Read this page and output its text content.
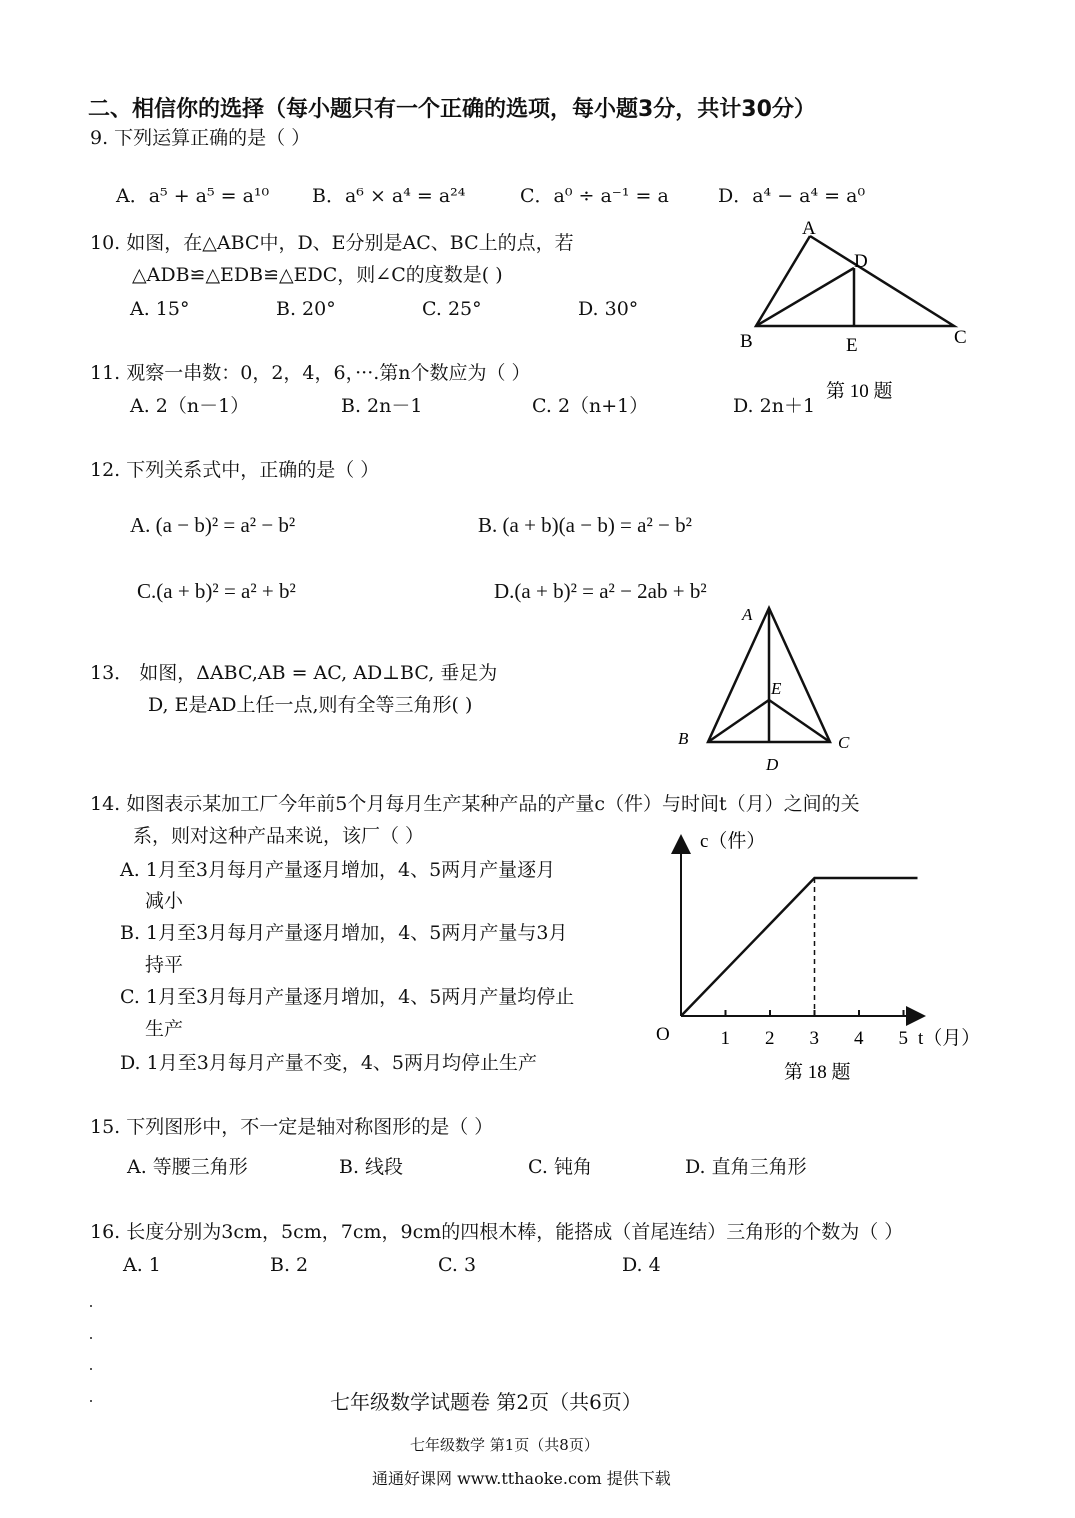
二、相信你的选择（每小题只有一个正确的选项，每小题3分，共计30分）
9. 下列运算正确的是（ ）
A．a⁵ + a⁵ = a¹⁰ B．a⁶ × a⁴ = a²⁴	C．a⁰ ÷ a⁻¹ = a	D．a⁴ − a⁴ = a⁰
10. 如图，在△ABC中，D、E分别是AC、BC上的点，若
△ADB≌△EDB≌△EDC，则∠C的度数是( )
A. 15°	B. 20°	C. 25°	D. 30°
A
D
B	E	C
第 10 题
11. 观察一串数：0，2，4，6，···.第n个数应为（ ）
A. 2（n－1）	B. 2n－1	C. 2（n+1）	D. 2n＋1
12. 下列关系式中，正确的是（ ）
A. (a − b)² = a² − b²	B. (a + b)(a − b) = a² − b²
C.(a + b)² = a² + b²	D.(a + b)² = a² − 2ab + b²
13． 如图，ΔABC,AB = AC, AD⊥BC, 垂足为
D, E是AD上任一点,则有全等三角形( )
A
E
B	C
D
14. 如图表示某加工厂今年前5个月每月生产某种产品的产量c（件）与时间t（月）之间的关
系，则对这种产品来说，该厂（ ）
A. 1月至3月每月产量逐月增加，4、5两月产量逐月
减小
B. 1月至3月每月产量逐月增加，4、5两月产量与3月
持平
C. 1月至3月每月产量逐月增加，4、5两月产量均停止
生产
D. 1月至3月每月产量不变，4、5两月均停止生产
c（件）
t（月）
O	1 2 3 4 5
第 18 题
15. 下列图形中，不一定是轴对称图形的是（ ）
A. 等腰三角形	B. 线段	C. 钝角	D. 直角三角形
16. 长度分别为3cm，5cm，7cm，9cm的四根木棒，能搭成（首尾连结）三角形的个数为（ ）
A. 1	B. 2	C. 3	D. 4
七年级数学试题卷 第2页（共6页）
七年级数学 第1页（共8页）
通通好课网 www.tthaoke.com 提供下载
